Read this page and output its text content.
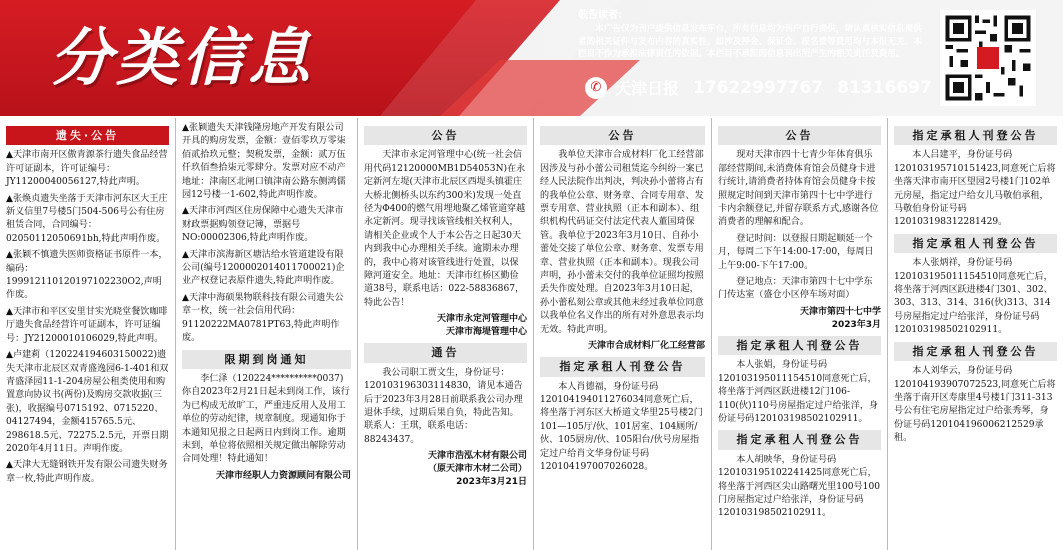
分类信息
敬告读者：
本广告仅为刊户提供信息发布平台，所有信息均为刊户自行提供，请认真核实信息提供者的相关证件与发布内容的真实性。如涉及押金、保证金、报名费等费用均与本报无关。本栏目不作为承担法律责任的依据。本栏目不承担因信息刊出所产生的相关责任及费用。
✆ 天津日报 17622997767 81316697
遗失·公告

▲天津市南开区傲青源茶行遗失食品经营许可证副本，许可证编号：JY11200040056127,特此声明。

▲张焕贞遗失坐落于天津市河东区大王庄新义信里7号楼5门504-506号公有住房租赁合同，合同编号：02050112050691bh,特此声明作废。

▲张颖不慎遗失医师资格证书原件一本，编码：199912110120197102230O2,声明作废。

▲天津市和平区安里甘实光晓堂餐饮咖啡厅遗失食品经营许可证副本，许可证编号：JY21200010106029,特此声明。

▲卢建莉（120224194603150022)遗失天津市北辰区双青盛逸园6-1-401和双青盛泽园11-1-204房屋公租类使用和购置意向协议书(两份)及购房交款收据(三张)，收据编号0715192、0715220、04127494，金额415765.5元、298618.5元、72275.2.5元，开票日期2020年4月11日。声明作废。

▲天津大无缝钢铁开发有限公司遗失财务章一枚,特此声明作废。

▲张颖遗失天津钱隆房地产开发有限公司开具的购房发票，金额：壹佰零玖万零柒佰贰拾玖元整；契税发票，金额：贰万伍仟玖佰叁拾柒元零肆分。发票对应不动产地址：津南区北闸口镇津南公路东侧鸿儒园12号楼一1-602,特此声明作废。

▲天津市河西区住房保障中心遗失天津市财政票据购领登记簿，票据号NO:00002306,特此声明作废。

▲天津市滨海新区塘沽给水管道建设有限公司(编号1200002014011700021)企业产权登记表原件遗失,特此声明作废。

▲天津中海硕果物联科技有限公司遗失公章一枚，统一社会信用代码：91120222MA0781PT63,特此声明作废。

限期到岗通知

李仁泽（120224**********0037)你自2023年2月21日起未到岗工作，该行为已构成无故旷工，严重违反用人及用工单位的劳动纪律，规章制度。现通知你于本通知见报之日起两日内到岗工作。逾期未到，单位将依照相关规定做出解除劳动合同处理！特此通知！

天津市经职人力资源顾问有限公司
公告

天津市永定河管理中心(统一社会信用代码12120000MB1D54053N)在永定新河左堤(天津市北辰区西堤头镇霍庄大桥北侧桥头以东约300米)发现一处直径为Φ400的燃气用埋地聚乙烯管道穿越永定新河。现寻找该管线相关权利人，请相关企业或个人于本公告之日起30天内到我中心办理相关手续。逾期未办理的，我中心将对该管线进行处置，以保障河道安全。地址：天津市红桥区勤俭道38号，联系电话：022-58836867，特此公告！

天津市永定河管理中心
天津市海堤管理中心
通告

我公司职工贾文生，身份证号：120103196303114830，请见本通告后于2023年3月28日前联系我公司办理退休手续，过期后果自负，特此告知。联系人：王琪，联系电话：88243437。

天津市浩泓木材有限公司
（原天津市木材二公司）
2023年3月21日
公告

我单位天津市合成材料厂化工经营部因涉及与孙小蕾公司租赁迄今纠纷一案已经人民法院作出判决，判决孙小蕾将占有的我单位公章、财务章、合同专用章、发票专用章、营业执照（正本和副本）、组织机构代码证交付法定代表人董国琦保管。我单位于2023年3月10日、自孙小蕾处交接了单位公章、财务章、发票专用章、营业执照（正本和副本）。现我公司声明，孙小蕾未交付的我单位证照均按照丢失作废处理。自2023年3月10日起，孙小蕾私刻公章或其他未经过我单位同意以我单位名义作出的所有对外意思表示均无效。特此声明。

天津市合成材料厂化工经营部
指定承租人刊登公告

本人肖德福，身份证号码120104194011276034同意死亡后，将坐落于河东区大桥道文华里25号楼2门101—105厅/伙、101居室、104厕所/伙、105厨房/伙、105阳台/伙号房屋指定过户给肖文华身份证号码120104197007026028。

公告

现对天津市四十七青少年体育俱乐部经营期间,未消费体育馆会员健身卡进行统计,请消费者持体育馆会员健身卡按照规定时间到天津市第四十七中学进行卡内余额登记,并留存联系方式,感谢各位消费者的理解和配合。

登记时间：以登报日期起顺延一个月，每周二下午14:00-17:00，每周日上午9:00-下午17:00。

登记地点：天津市第四十七中学东门传达室（盛仓小区停车场对面）

天津市第四十七中学
2023年3月
指定承租人刊登公告

本人张娟，身份证号码120103195011154510同意死亡后，将坐落于河西区跃进楼12门106-110(伙)110号房屋指定过户给张洋，身份证号码120103198502102911。

指定承租人刊登公告

本人胡映华，身份证号码120103195102241425同意死亡后，将坐落于河西区尖山路曙光里100号100门房屋指定过户给张洋，身份证号码120103198502102911。

指定承租人刊登公告

本人吕建平，身份证号码120103195710151423,同意死亡后将坐落天津市南开区望园2号楼1门102单元房屋，指定过户给女儿马敬伯承租，马敬伯身份证号码120103198312281429。

指定承租人刊登公告

本人张炳祥，身份证号码120103195011154510同意死亡后，将坐落于河西区跃进楼4门301、302、303、313、314、316(伙)313、314号房屋指定过户给张洋，身份证号码120103198502102911。

指定承租人刊登公告

本人刘华云，身份证号码120104193907072523,同意死亡后将坐落于南开区寿康里4号楼1门311-313号公有住宅房屋指定过户给张秀琴，身份证号码120104196006212529承租。
